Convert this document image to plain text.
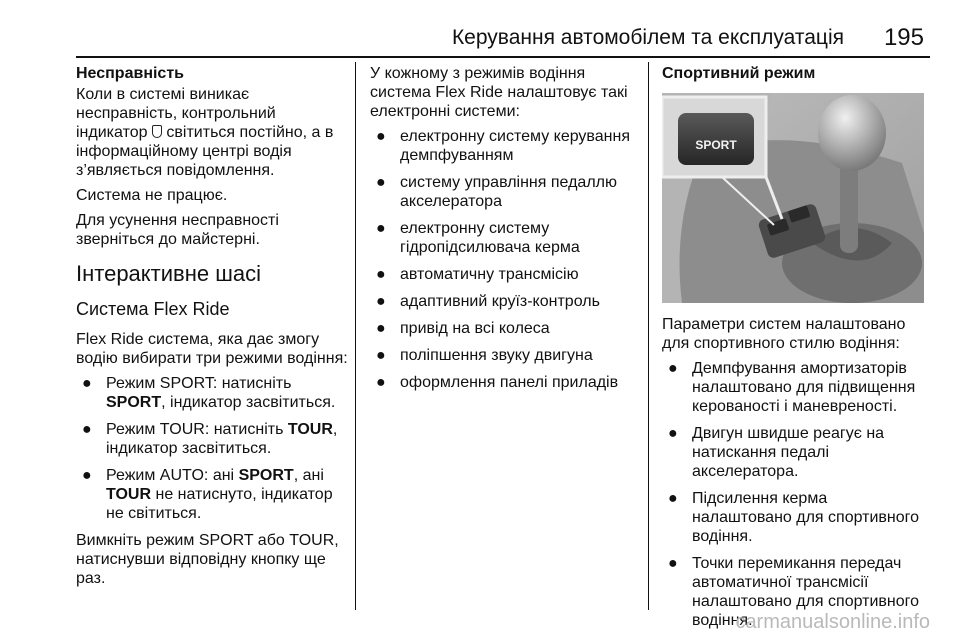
Керування автомобілем та експлуатація 195
Несправність

Коли в системі виникає несправність, контрольний індикатор світиться постійно, а в інформаційному центрі водія з’являється повідомлення.

Система не працює.

Для усунення несправності зверніться до майстерні.

Інтерактивне шасі
Система Flex Ride

Flex Ride система, яка дає змогу водію вибирати три режими водіння:

● Режим SPORT: натисніть SPORT, індикатор засвітиться.
● Режим TOUR: натисніть TOUR, індикатор засвітиться.
● Режим AUTO: ані SPORT, ані TOUR не натиснуто, індикатор не світиться.

Вимкніть режим SPORT або TOUR, натиснувши відповідну кнопку ще раз.

У кожному з режимів водіння система Flex Ride налаштовує такі електронні системи:

● електронну систему керування демпфуванням
● систему управління педаллю акселератора
● електронну систему гідропідсилювача керма
● автоматичну трансмісію
● адаптивний круїз-контроль
● привід на всі колеса
● поліпшення звуку двигуна
● оформлення панелі приладів
Спортивний режим
SPORT

Параметри систем налаштовано для спортивного стилю водіння:

● Демпфування амортизаторів налаштовано для підвищення керованості і маневреності.
● Двигун швидше реагує на натискання педалі акселератора.
● Підсилення керма налаштовано для спортивного водіння.
● Точки перемикання передач автоматичної трансмісії налаштовано для спортивного водіння.
carmanualsonline.info
